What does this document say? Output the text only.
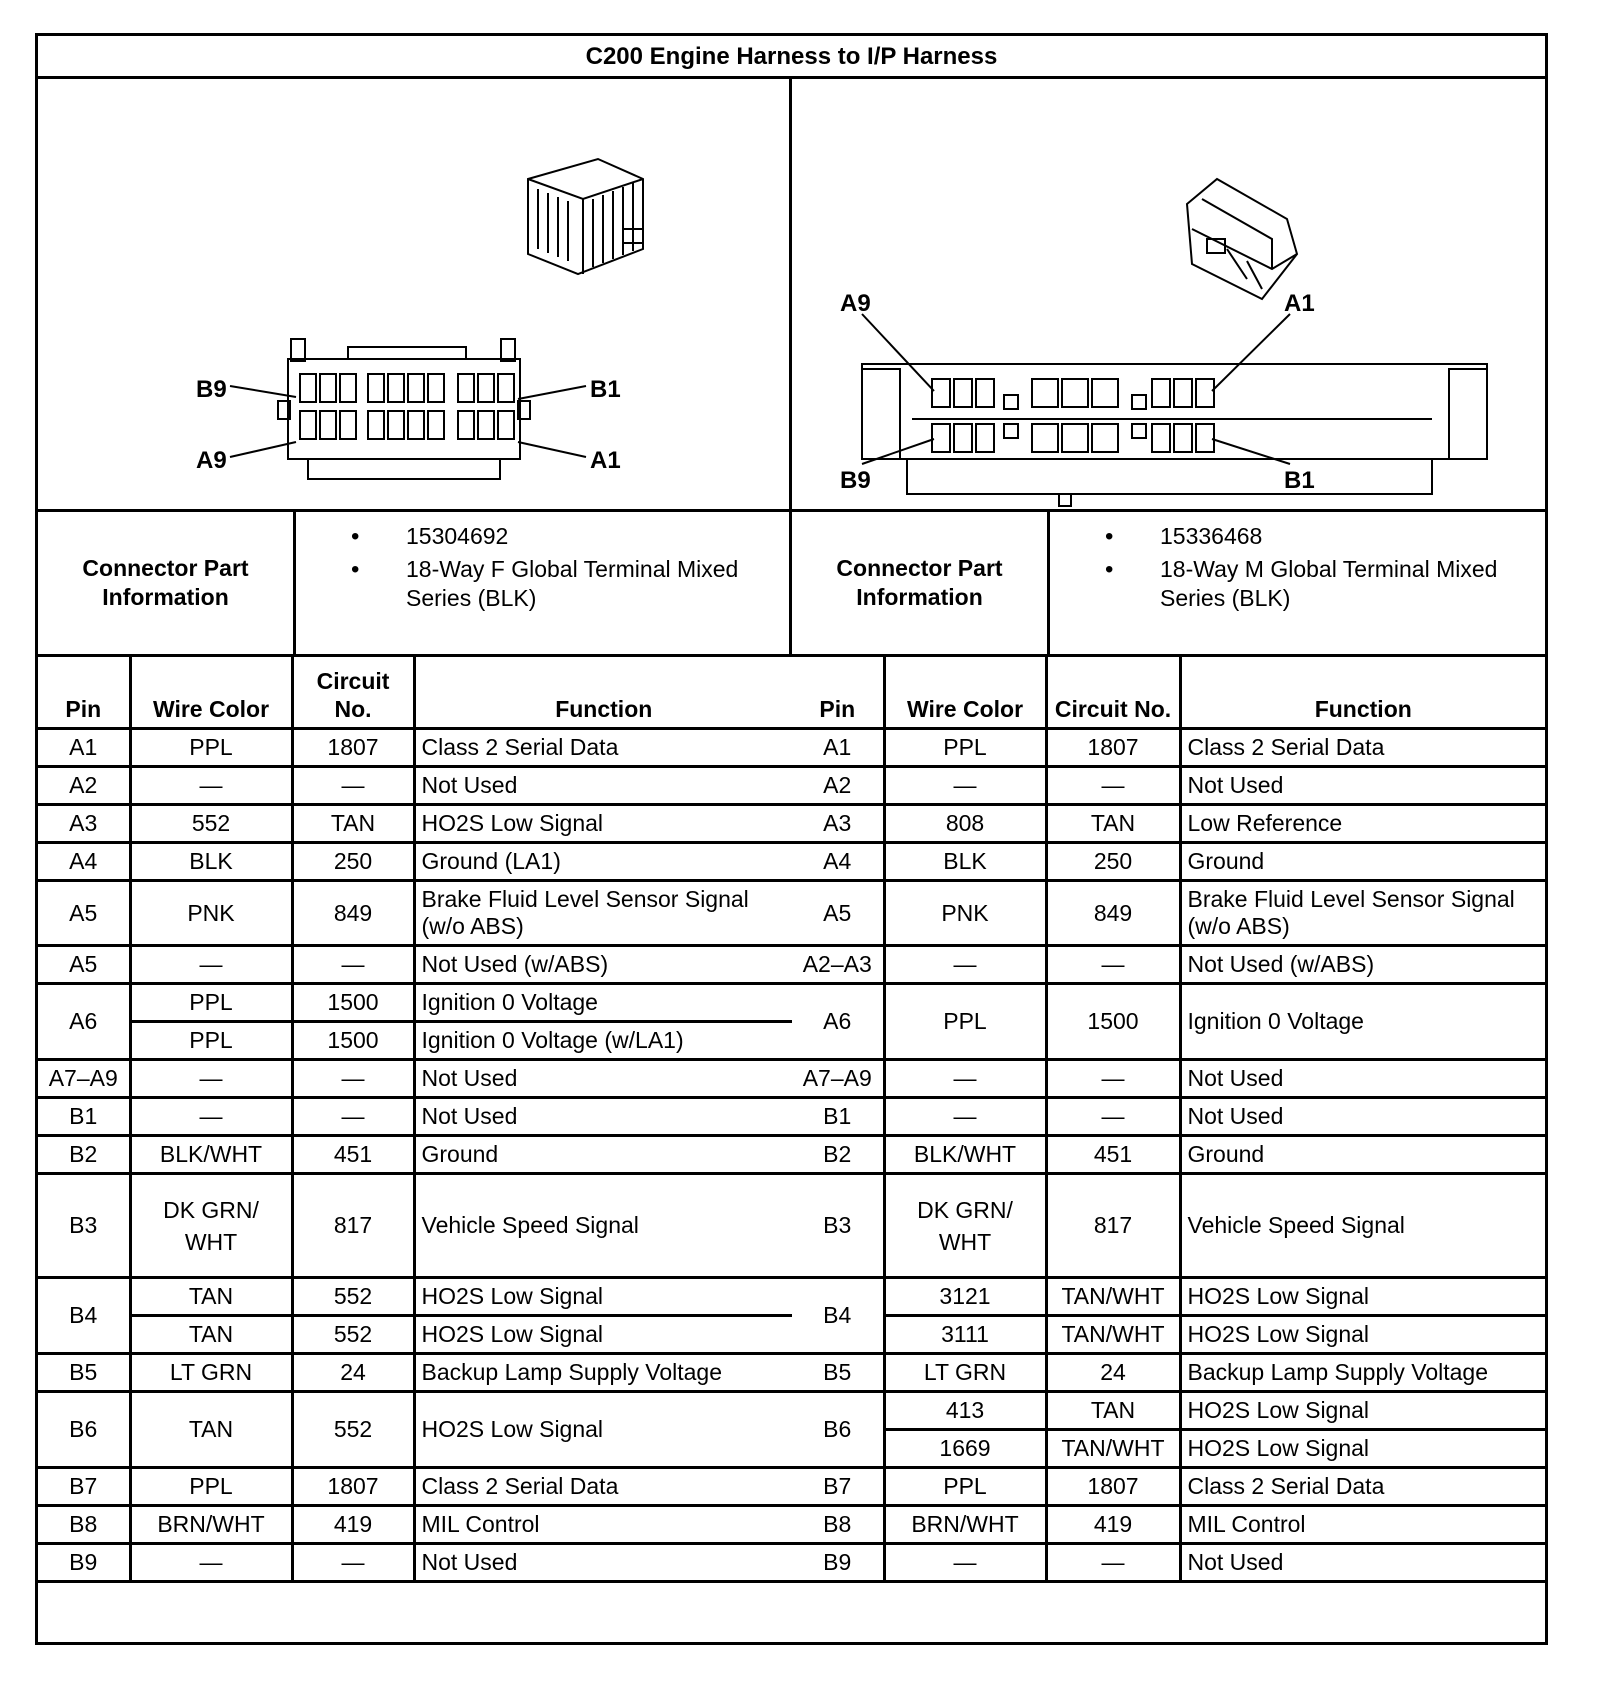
C200 Engine Harness to I/P Harness
B9
A9
B1
A1
A9	A1
B9	B1
Connector Part Information
• 15304692
• 18-Way F Global Terminal Mixed Series (BLK)
Connector Part Information
• 15336468
• 18-Way M Global Terminal Mixed Series (BLK)
Pin	Wire Color	Circuit No.	Function
A1	PPL	1807	Class 2 Serial Data
A2	—	—	Not Used
A3	552	TAN	HO2S Low Signal
A4	BLK	250	Ground (LA1)
A5	PNK	849	Brake Fluid Level Sensor Signal (w/o ABS)
A5	—	—	Not Used (w/ABS)
A6	PPL	1500	Ignition 0 Voltage
	PPL	1500	Ignition 0 Voltage (w/LA1)
A7–A9	—	—	Not Used
B1	—	—	Not Used
B2	BLK/WHT	451	Ground
B3	DK GRN/ WHT	817	Vehicle Speed Signal
B4	TAN	552	HO2S Low Signal
	TAN	552	HO2S Low Signal
B5	LT GRN	24	Backup Lamp Supply Voltage
B6	TAN	552	HO2S Low Signal
B7	PPL	1807	Class 2 Serial Data
B8	BRN/WHT	419	MIL Control
B9	—	—	Not Used
Pin	Wire Color	Circuit No.	Function
A1	PPL	1807	Class 2 Serial Data
A2	—	—	Not Used
A3	808	TAN	Low Reference
A4	BLK	250	Ground
A5	PNK	849	Brake Fluid Level Sensor Signal (w/o ABS)
A2–A3	—	—	Not Used (w/ABS)
A6	PPL	1500	Ignition 0 Voltage
A7–A9	—	—	Not Used
B1	—	—	Not Used
B2	BLK/WHT	451	Ground
B3	DK GRN/ WHT	817	Vehicle Speed Signal
B4	3121	TAN/WHT	HO2S Low Signal
	3111	TAN/WHT	HO2S Low Signal
B5	LT GRN	24	Backup Lamp Supply Voltage
B6	413	TAN	HO2S Low Signal
	1669	TAN/WHT	HO2S Low Signal
B7	PPL	1807	Class 2 Serial Data
B8	BRN/WHT	419	MIL Control
B9	—	—	Not Used
